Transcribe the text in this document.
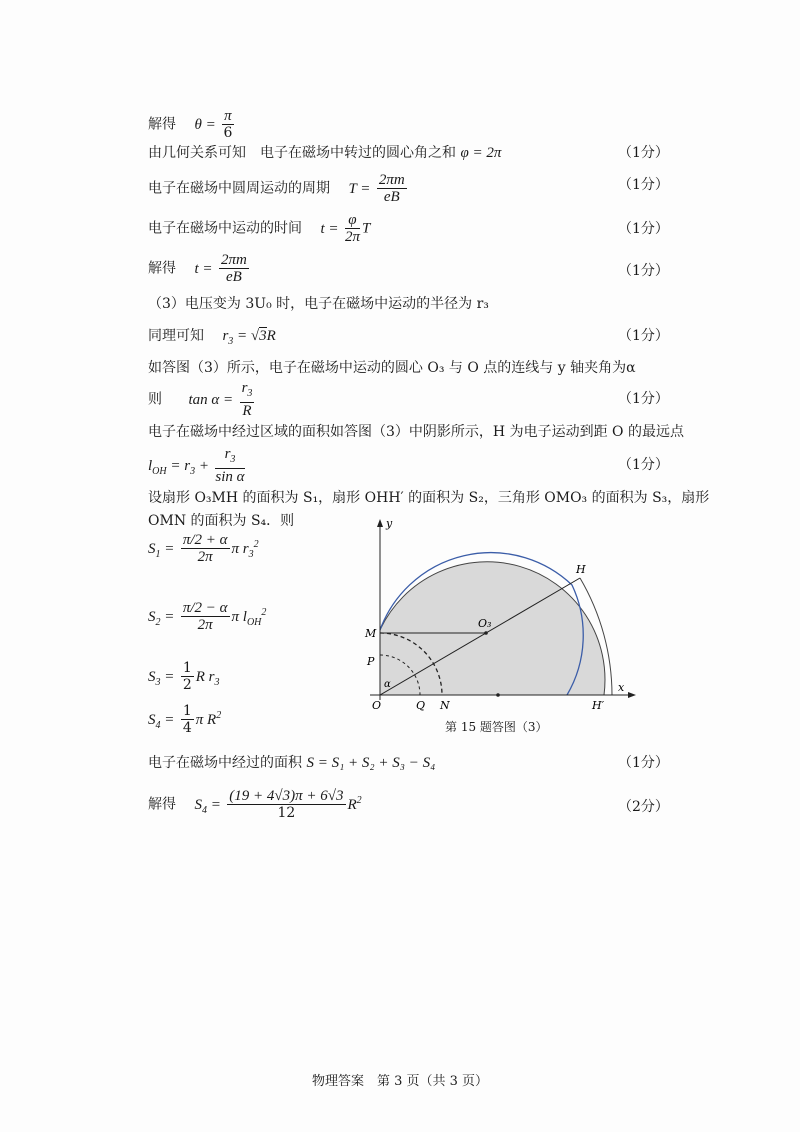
解得 $\theta = \frac{\pi}{6}$
由几何关系可知　电子在磁场中转过的圆心角之和 φ = 2π	（1分）
电子在磁场中圆周运动的周期 $T = \frac{2\pi m}{eB}$	（1分）
电子在磁场中运动的时间 $t = \frac{\varphi}{2\pi}$ T	（1分）
解得 $t = \frac{2\pi m}{eB}$	（1分）
（3）电压变为 3U₀ 时，电子在磁场中运动的半径为 r₃
同理可知 $r_3 = √3R$	（1分）
如答图（3）所示，电子在磁场中运动的圆心 O₃ 与 O 点的连线与 y 轴夹角为α
则 $\tan \alpha = \frac{r_3}{R}$	（1分）
电子在磁场中经过区域的面积如答图（3）中阴影所示，H 为电子运动到距 O 的最远点
$l_{OH} = r_3 + \frac{r_3}{\text{sin α}}$	（1分）
设扇形 O₃MH 的面积为 S₁，扇形 OHH′ 的面积为 S₂，三角形 OMO₃ 的面积为 S₃，扇形
OMN 的面积为 S₄．则
$S_1 = \frac{\pi/2 + \alpha}{2\pi}$ π $r_3^2$
$S_2 = \frac{\pi/2 - \alpha}{2\pi}$ π $l_{OH}^2$
$S_3 = \frac{1}{2}$ R $r_3$
$S_4 = \frac{1}{4}$ π $R^2$
y
x
O
M
P
Q N
O₃
H
H′
α
第 15 题答图（3）
电子在磁场中经过的面积 S = S₁ + S₂ + S₃ − S₄	（1分）
解得 $S_4 = \frac{(19 + 4√3)\pi + 6√3}{12} R^2$	（2分）
物理答案　第 3 页（共 3 页）
